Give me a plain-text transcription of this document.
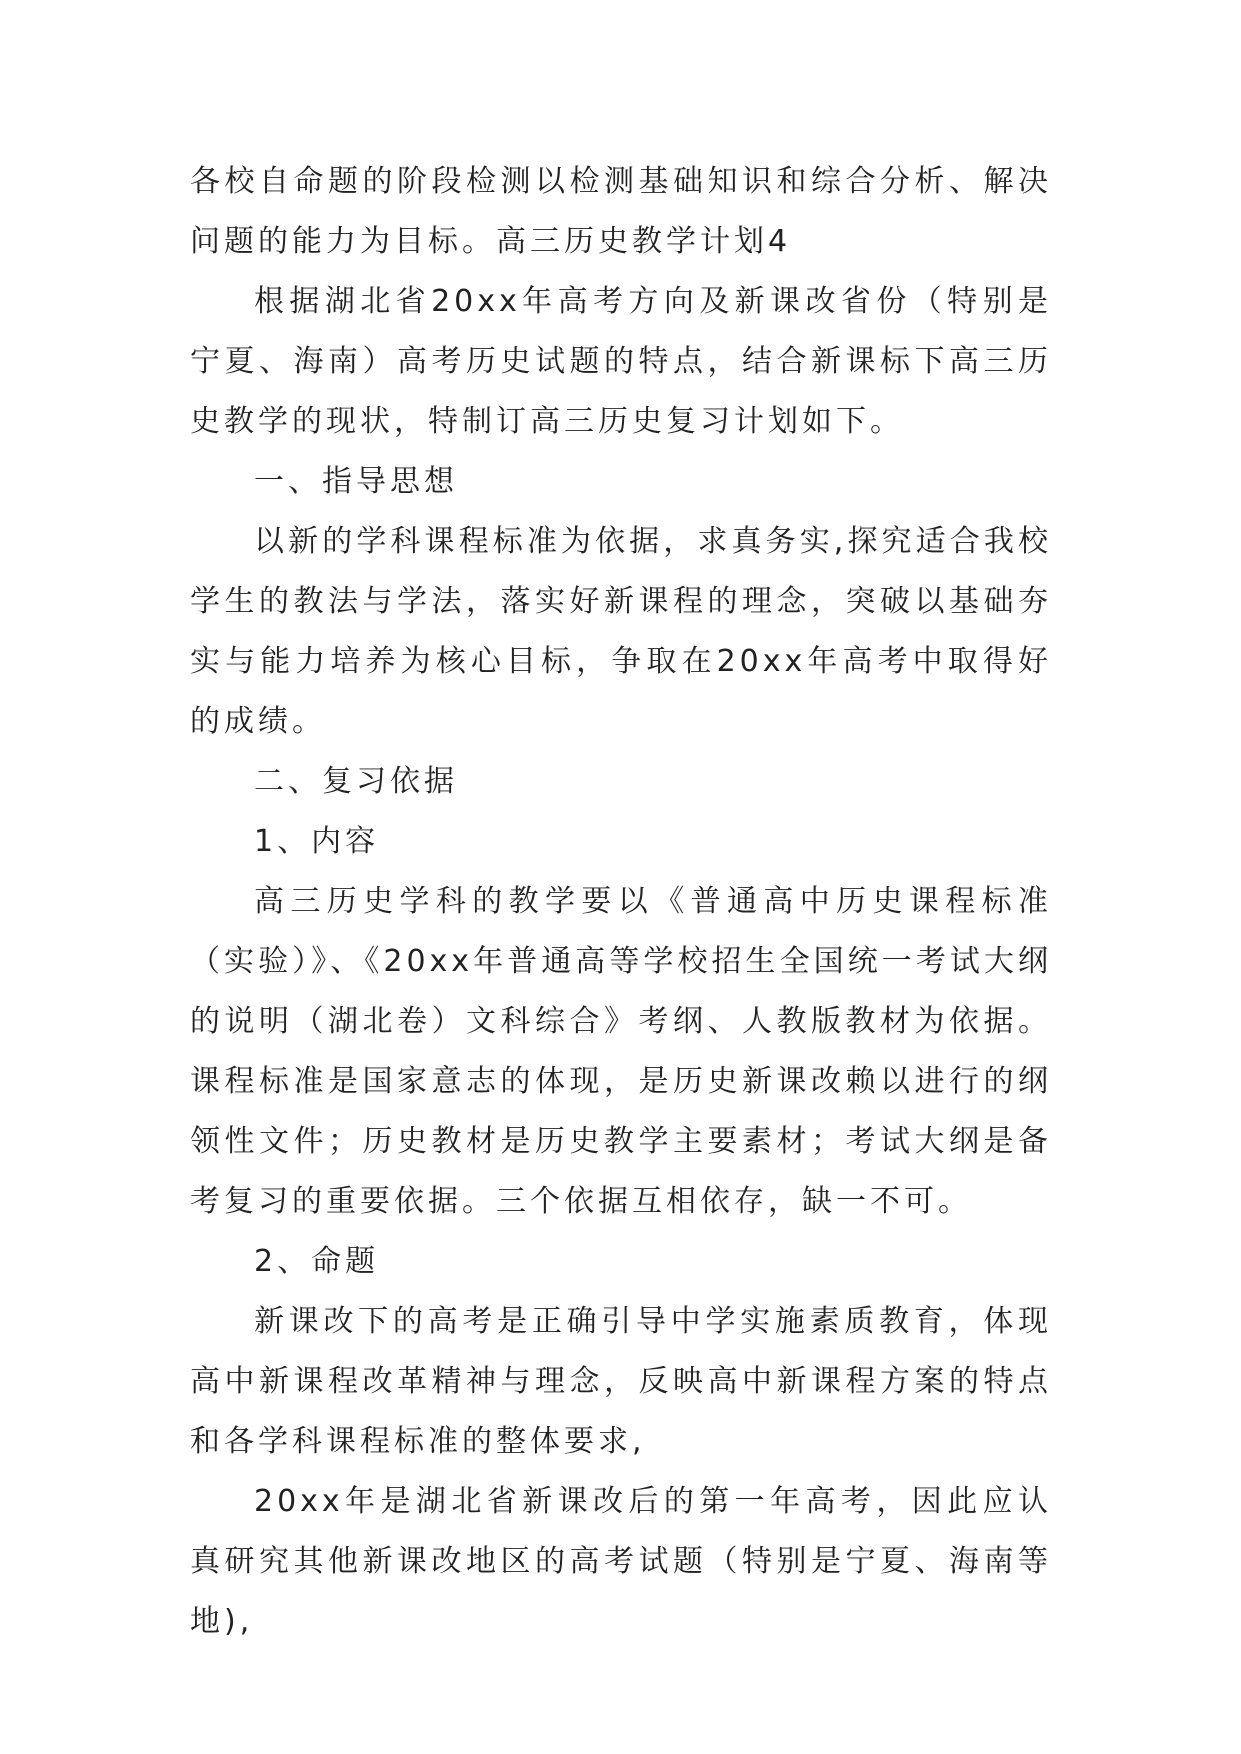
各校自命题的阶段检测以检测基础知识和综合分析、解决问题的能力为目标。高三历史教学计划4

根据湖北省20xx年高考方向及新课改省份（特别是宁夏、海南）高考历史试题的特点，结合新课标下高三历史教学的现状，特制订高三历史复习计划如下。

一、指导思想

以新的学科课程标准为依据，求真务实,探究适合我校学生的教法与学法，落实好新课程的理念，突破以基础夯实与能力培养为核心目标，争取在20xx年高考中取得好的成绩。

二、复习依据

1、内容

高三历史学科的教学要以《普通高中历史课程标准（实验）》、《20xx年普通高等学校招生全国统一考试大纲的说明（湖北卷）文科综合》考纲、人教版教材为依据。课程标准是国家意志的体现，是历史新课改赖以进行的纲领性文件；历史教材是历史教学主要素材；考试大纲是备考复习的重要依据。三个依据互相依存，缺一不可。

2、命题

新课改下的高考是正确引导中学实施素质教育，体现高中新课程改革精神与理念，反映高中新课程方案的特点和各学科课程标准的整体要求,

20xx年是湖北省新课改后的第一年高考，因此应认真研究其他新课改地区的高考试题（特别是宁夏、海南等地),
